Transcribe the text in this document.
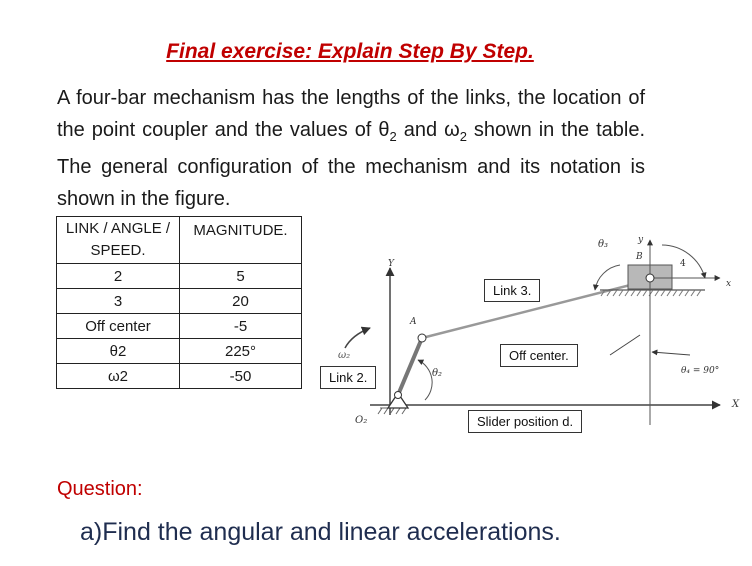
Final exercise: Explain Step By Step.
A four-bar mechanism has the lengths of the links, the location of the point coupler and the values of $\theta_2$ and $\omega_2$ shown in the table. The general configuration of the mechanism and its notation is shown in the figure.
LINK / ANGLE / SPEED.	MAGNITUDE.
2	5
3	20
Off center	-5
θ2	225°
ω2	-50
Y
X
y
x
A
B
4
O₂
θ₂
θ₃
ω₂
θ₄ = 90°
Link 3.
Link 2.
Off center.
Slider position d.
Question:
a)Find the angular and linear accelerations.
